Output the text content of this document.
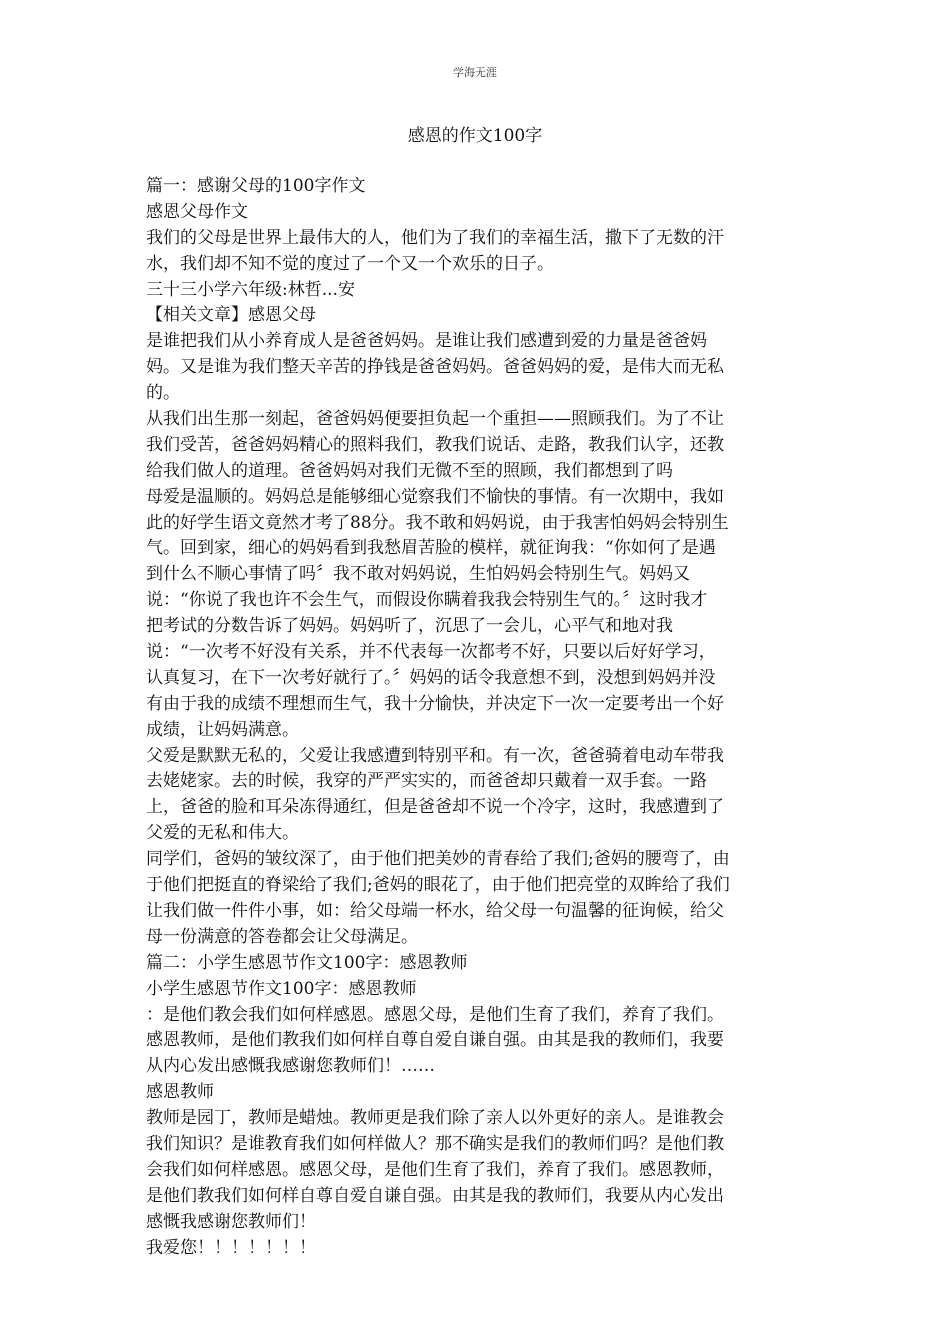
学海无涯
感恩的作文100字
篇一：感谢父母的100字作文
感恩父母作文
我们的父母是世界上最伟大的人，他们为了我们的幸福生活，撒下了无数的汗
水，我们却不知不觉的度过了一个又一个欢乐的日子。
三十三小学六年级:林哲...安
【相关文章】感恩父母
是谁把我们从小养育成人是爸爸妈妈。是谁让我们感遭到爱的力量是爸爸妈
妈。又是谁为我们整天辛苦的挣钱是爸爸妈妈。爸爸妈妈的爱，是伟大而无私
的。
从我们出生那一刻起，爸爸妈妈便要担负起一个重担——照顾我们。为了不让
我们受苦，爸爸妈妈精心的照料我们，教我们说话、走路，教我们认字，还教
给我们做人的道理。爸爸妈妈对我们无微不至的照顾，我们都想到了吗
母爱是温顺的。妈妈总是能够细心觉察我们不愉快的事情。有一次期中，我如
此的好学生语文竟然才考了88分。我不敢和妈妈说，由于我害怕妈妈会特别生
气。回到家，细心的妈妈看到我愁眉苦脸的模样，就征询我：“你如何了是遇
到什么不顺心事情了吗〞我不敢对妈妈说，生怕妈妈会特别生气。妈妈又
说：“你说了我也许不会生气，而假设你瞒着我我会特别生气的。〞这时我才
把考试的分数告诉了妈妈。妈妈听了，沉思了一会儿，心平气和地对我
说：“一次考不好没有关系，并不代表每一次都考不好，只要以后好好学习，
认真复习，在下一次考好就行了。〞妈妈的话令我意想不到，没想到妈妈并没
有由于我的成绩不理想而生气，我十分愉快，并决定下一次一定要考出一个好
成绩，让妈妈满意。
父爱是默默无私的，父爱让我感遭到特别平和。有一次，爸爸骑着电动车带我
去姥姥家。去的时候，我穿的严严实实的，而爸爸却只戴着一双手套。一路
上，爸爸的脸和耳朵冻得通红，但是爸爸却不说一个冷字，这时，我感遭到了
父爱的无私和伟大。
同学们，爸妈的皱纹深了，由于他们把美妙的青春给了我们;爸妈的腰弯了，由
于他们把挺直的脊梁给了我们;爸妈的眼花了，由于他们把亮堂的双眸给了我们
让我们做一件件小事，如：给父母端一杯水，给父母一句温馨的征询候，给父
母一份满意的答卷都会让父母满足。
篇二：小学生感恩节作文100字：感恩教师
小学生感恩节作文100字：感恩教师
：是他们教会我们如何样感恩。感恩父母，是他们生育了我们，养育了我们。
感恩教师，是他们教我们如何样自尊自爱自谦自强。由其是我的教师们，我要
从内心发出感慨我感谢您教师们！……
感恩教师
教师是园丁，教师是蜡烛。教师更是我们除了亲人以外更好的亲人。是谁教会
我们知识？是谁教育我们如何样做人？那不确实是我们的教师们吗？是他们教
会我们如何样感恩。感恩父母，是他们生育了我们，养育了我们。感恩教师，
是他们教我们如何样自尊自爱自谦自强。由其是我的教师们，我要从内心发出
感慨我感谢您教师们！
我爱您！！！！！！！
